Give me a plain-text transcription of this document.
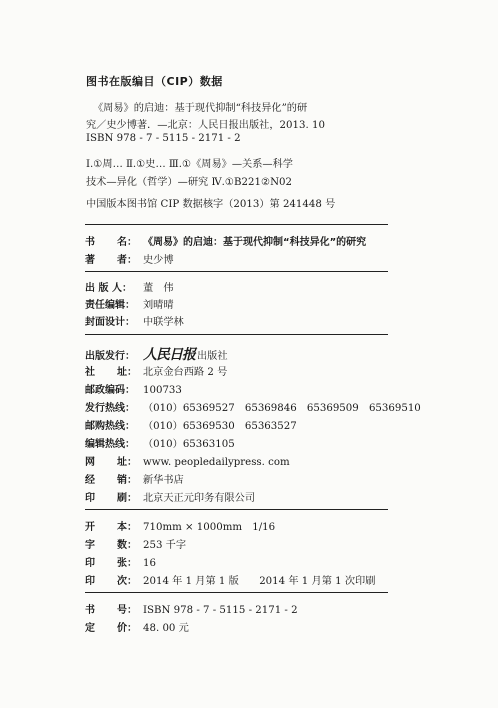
图书在版编目（CIP）数据
《周易》的启迪：基于现代抑制“科技异化”的研
究／史少博著．—北京：人民日报出版社，2013. 10
ISBN 978 - 7 - 5115 - 2171 - 2
Ⅰ.①周… Ⅱ.①史… Ⅲ.①《周易》—关系—科学
技术—异化（哲学）—研究 Ⅳ.①B221②N02
中国版本图书馆 CIP 数据核字（2013）第 241448 号
书 名： 《周易》的启迪：基于现代抑制“科技异化”的研究
著 者： 史少博
出 版 人： 董　伟
责任编辑： 刘晴晴
封面设计： 中联学林
出版发行： 人民日报 出版社
社 址： 北京金台西路 2 号
邮政编码： 100733
发行热线： （010）65369527　65369846　65369509　65369510
邮购热线： （010）65369530　65363527
编辑热线： （010）65363105
网 址： www. peopledailypress. com
经 销： 新华书店
印 刷： 北京天正元印务有限公司
开 本： 710mm × 1000mm　1/16
字 数： 253 千字
印 张： 16
印 次： 2014 年 1 月第 1 版　　2014 年 1 月第 1 次印刷
书 号： ISBN 978 - 7 - 5115 - 2171 - 2
定 价： 48. 00 元
